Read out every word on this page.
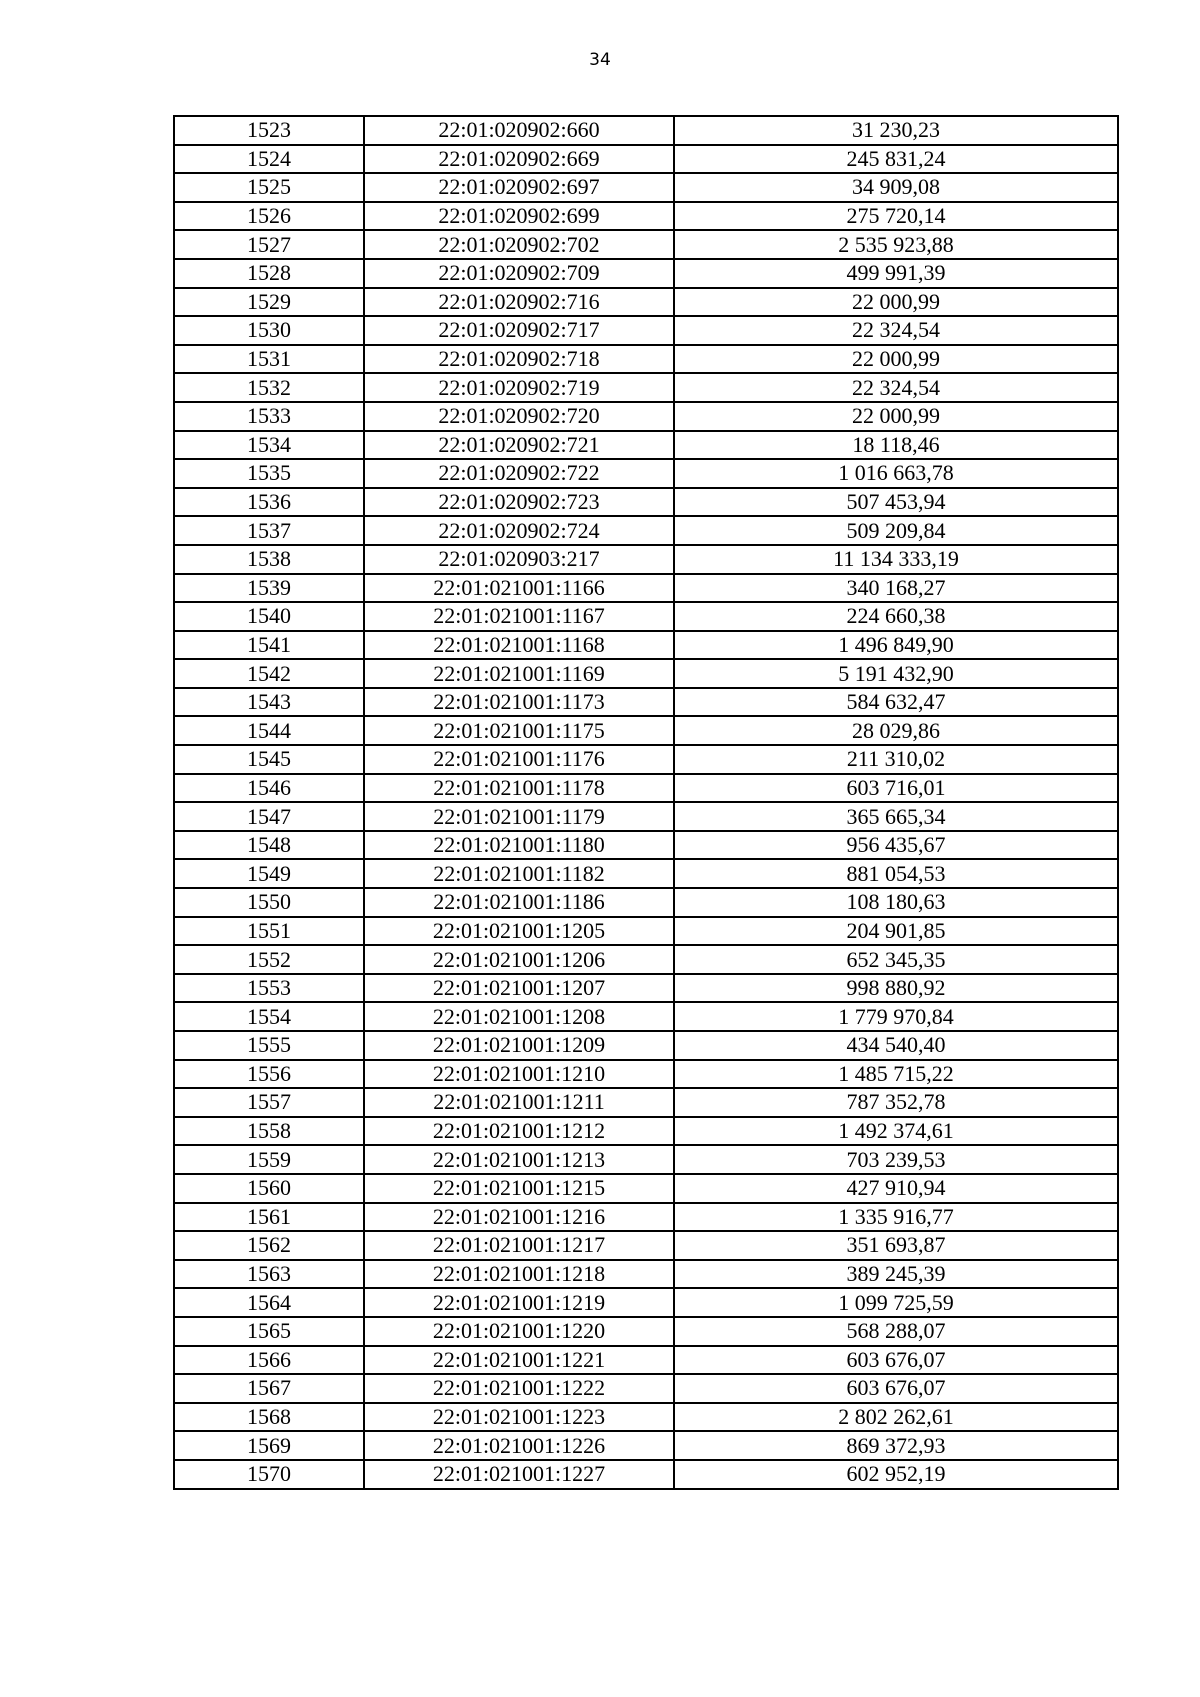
34
1523	22:01:020902:660	31 230,23
1524	22:01:020902:669	245 831,24
1525	22:01:020902:697	34 909,08
1526	22:01:020902:699	275 720,14
1527	22:01:020902:702	2 535 923,88
1528	22:01:020902:709	499 991,39
1529	22:01:020902:716	22 000,99
1530	22:01:020902:717	22 324,54
1531	22:01:020902:718	22 000,99
1532	22:01:020902:719	22 324,54
1533	22:01:020902:720	22 000,99
1534	22:01:020902:721	18 118,46
1535	22:01:020902:722	1 016 663,78
1536	22:01:020902:723	507 453,94
1537	22:01:020902:724	509 209,84
1538	22:01:020903:217	11 134 333,19
1539	22:01:021001:1166	340 168,27
1540	22:01:021001:1167	224 660,38
1541	22:01:021001:1168	1 496 849,90
1542	22:01:021001:1169	5 191 432,90
1543	22:01:021001:1173	584 632,47
1544	22:01:021001:1175	28 029,86
1545	22:01:021001:1176	211 310,02
1546	22:01:021001:1178	603 716,01
1547	22:01:021001:1179	365 665,34
1548	22:01:021001:1180	956 435,67
1549	22:01:021001:1182	881 054,53
1550	22:01:021001:1186	108 180,63
1551	22:01:021001:1205	204 901,85
1552	22:01:021001:1206	652 345,35
1553	22:01:021001:1207	998 880,92
1554	22:01:021001:1208	1 779 970,84
1555	22:01:021001:1209	434 540,40
1556	22:01:021001:1210	1 485 715,22
1557	22:01:021001:1211	787 352,78
1558	22:01:021001:1212	1 492 374,61
1559	22:01:021001:1213	703 239,53
1560	22:01:021001:1215	427 910,94
1561	22:01:021001:1216	1 335 916,77
1562	22:01:021001:1217	351 693,87
1563	22:01:021001:1218	389 245,39
1564	22:01:021001:1219	1 099 725,59
1565	22:01:021001:1220	568 288,07
1566	22:01:021001:1221	603 676,07
1567	22:01:021001:1222	603 676,07
1568	22:01:021001:1223	2 802 262,61
1569	22:01:021001:1226	869 372,93
1570	22:01:021001:1227	602 952,19
